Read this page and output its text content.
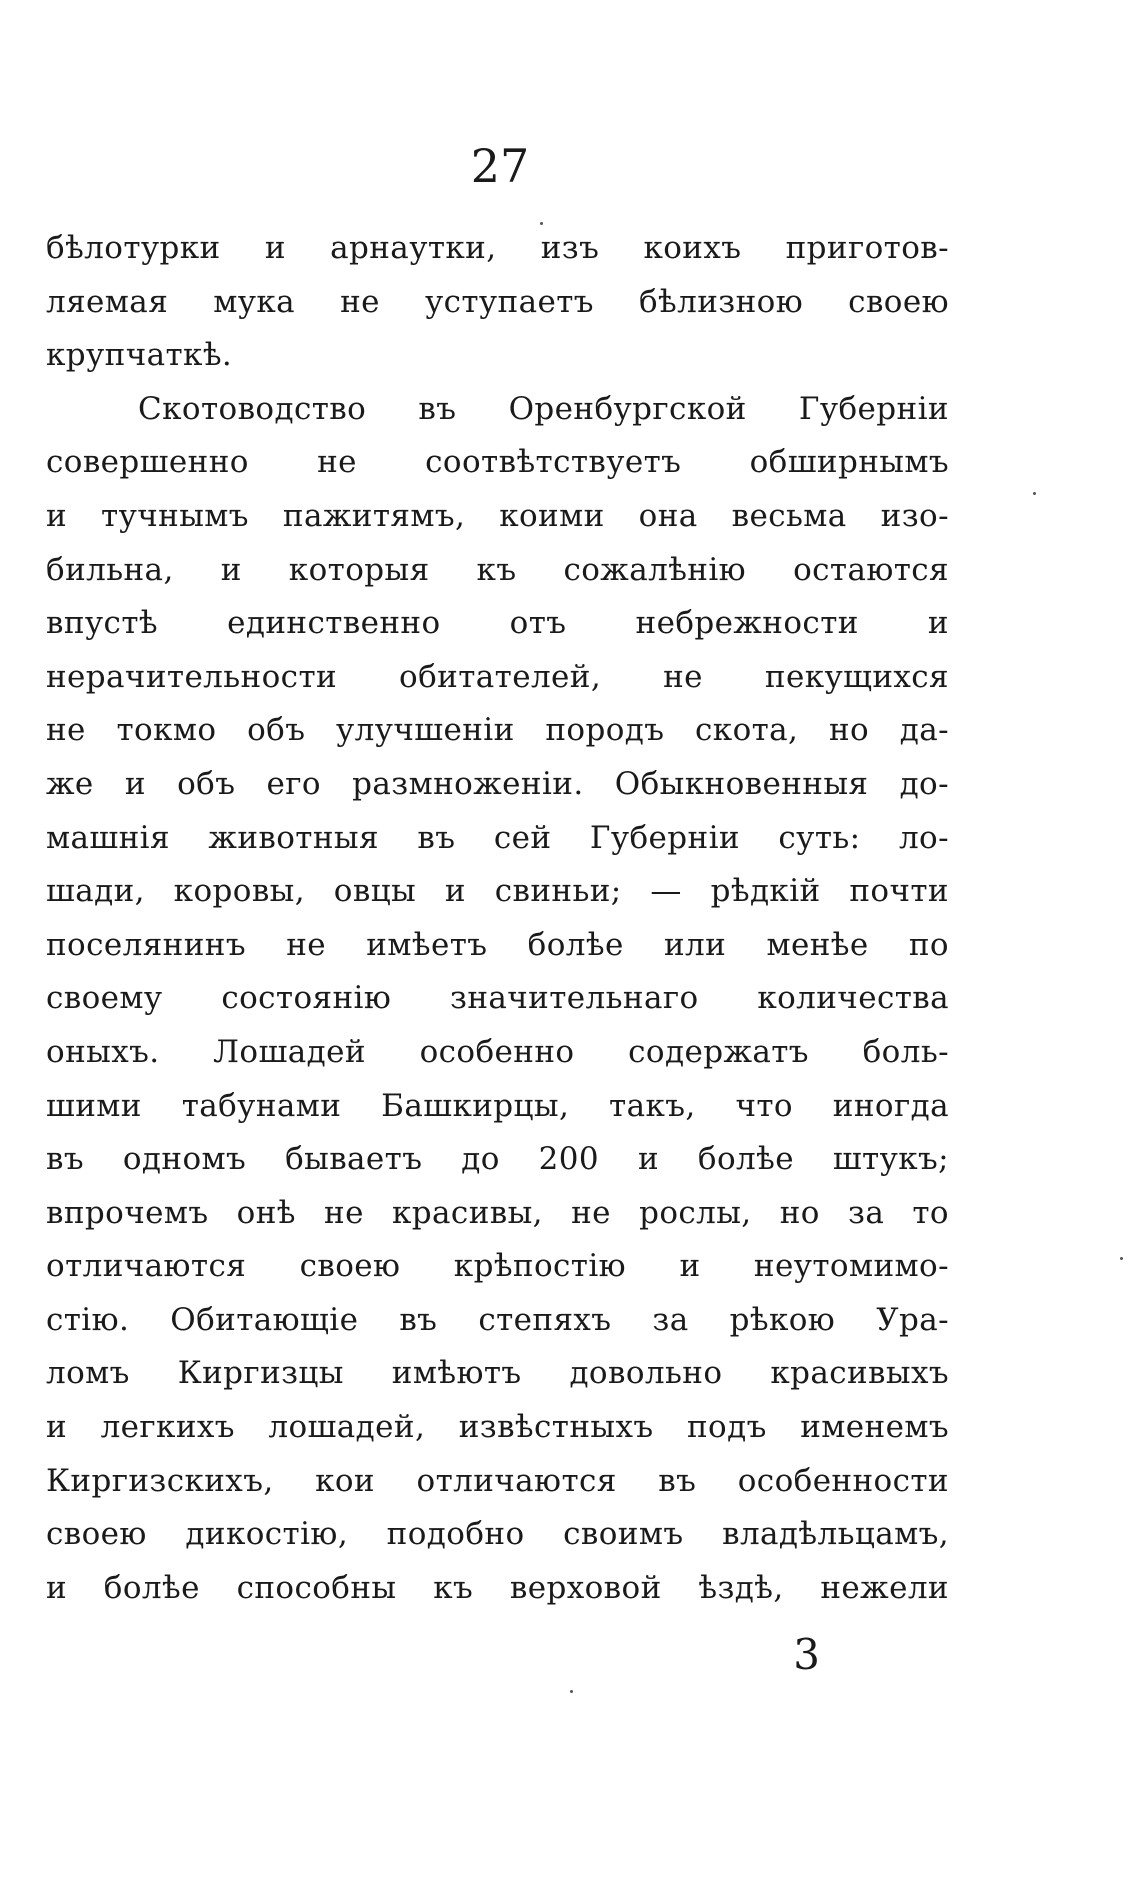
27
бѣлотурки и арнаутки, изъ коихъ приготов-
ляемая мука не уступаетъ бѣлизною своею
крупчаткѣ.
Скотоводство въ Оренбургской Губерніи
совершенно не соотвѣтствуетъ обширнымъ
и тучнымъ пажитямъ, коими она весьма изо-
бильна, и которыя къ сожалѣнію остаются
впустѣ единственно отъ небрежности и
нерачительности обитателей, не пекущихся
не токмо объ улучшеніи породъ скота, но да-
же и объ его размноженіи. Обыкновенныя до-
машнія животныя въ сей Губерніи суть: ло-
шади, коровы, овцы и свиньи; — рѣдкій почти
поселянинъ не имѣетъ болѣе или менѣе по
своему состоянію значительнаго количества
оныхъ. Лошадей особенно содержатъ боль-
шими табунами Башкирцы, такъ, что иногда
въ одномъ бываетъ до 200 и болѣе штукъ;
впрочемъ онѣ не красивы, не рослы, но за то
отличаются своею крѣпостію и неутомимо-
стію. Обитающіе въ степяхъ за рѣкою Ура-
ломъ Киргизцы имѣютъ довольно красивыхъ
и легкихъ лошадей, извѣстныхъ подъ именемъ
Киргизскихъ, кои отличаются въ особенности
своею дикостію, подобно своимъ владѣльцамъ,
и болѣе способны къ верховой ѣздѣ, нежели
3
